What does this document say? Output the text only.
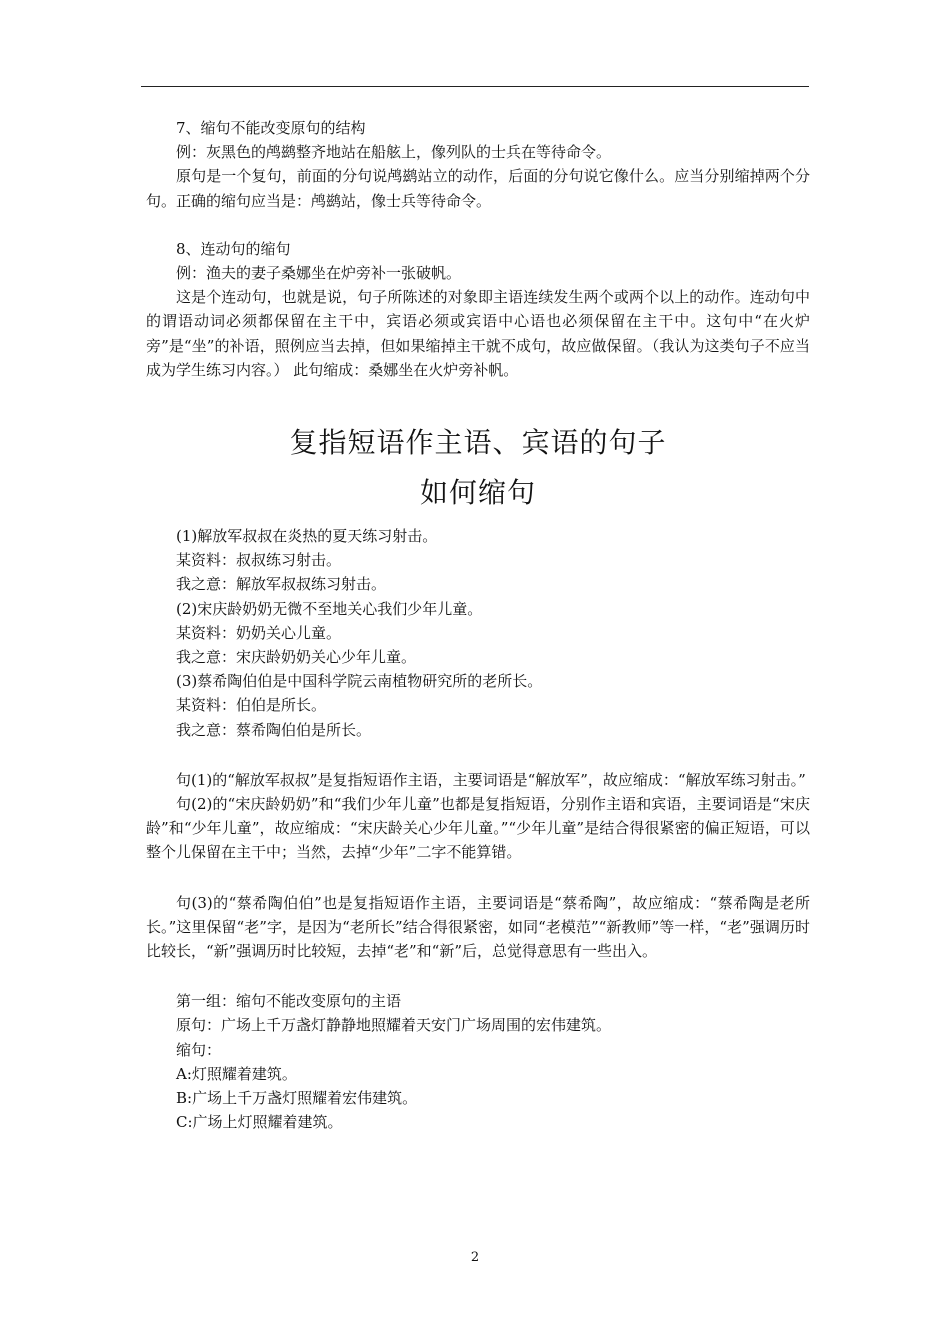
7、缩句不能改变原句的结构

例：灰黑色的鸬鹚整齐地站在船舷上，像列队的士兵在等待命令。

原句是一个复句，前面的分句说鸬鹚站立的动作，后面的分句说它像什么。应当分别缩掉两个分句。正确的缩句应当是：鸬鹚站，像士兵等待命令。

8、连动句的缩句

例：渔夫的妻子桑娜坐在炉旁补一张破帆。

这是个连动句，也就是说，句子所陈述的对象即主语连续发生两个或两个以上的动作。连动句中的谓语动词必须都保留在主干中，宾语必须或宾语中心语也必须保留在主干中。这句中“在火炉旁”是“坐”的补语，照例应当去掉，但如果缩掉主干就不成句，故应做保留。（我认为这类句子不应当成为学生练习内容。） 此句缩成：桑娜坐在火炉旁补帆。

复指短语作主语、宾语的句子
如何缩句

(1)解放军叔叔在炎热的夏天练习射击。

某资料：叔叔练习射击。

我之意：解放军叔叔练习射击。

(2)宋庆龄奶奶无微不至地关心我们少年儿童。

某资料：奶奶关心儿童。

我之意：宋庆龄奶奶关心少年儿童。

(3)蔡希陶伯伯是中国科学院云南植物研究所的老所长。

某资料：伯伯是所长。

我之意：蔡希陶伯伯是所长。

句(1)的“解放军叔叔”是复指短语作主语，主要词语是“解放军”，故应缩成：“解放军练习射击。”

句(2)的“宋庆龄奶奶”和“我们少年儿童”也都是复指短语，分别作主语和宾语，主要词语是“宋庆龄”和“少年儿童”，故应缩成：“宋庆龄关心少年儿童。”“少年儿童”是结合得很紧密的偏正短语，可以整个儿保留在主干中；当然，去掉“少年”二字不能算错。

句(3)的“蔡希陶伯伯”也是复指短语作主语，主要词语是“蔡希陶”，故应缩成：“蔡希陶是老所长。”这里保留“老”字，是因为“老所长”结合得很紧密，如同“老模范”“新教师”等一样，“老”强调历时比较长，“新”强调历时比较短，去掉“老”和“新”后，总觉得意思有一些出入。

第一组：缩句不能改变原句的主语

原句：广场上千万盏灯静静地照耀着天安门广场周围的宏伟建筑。

缩句：

A:灯照耀着建筑。

B:广场上千万盏灯照耀着宏伟建筑。

C:广场上灯照耀着建筑。

2
